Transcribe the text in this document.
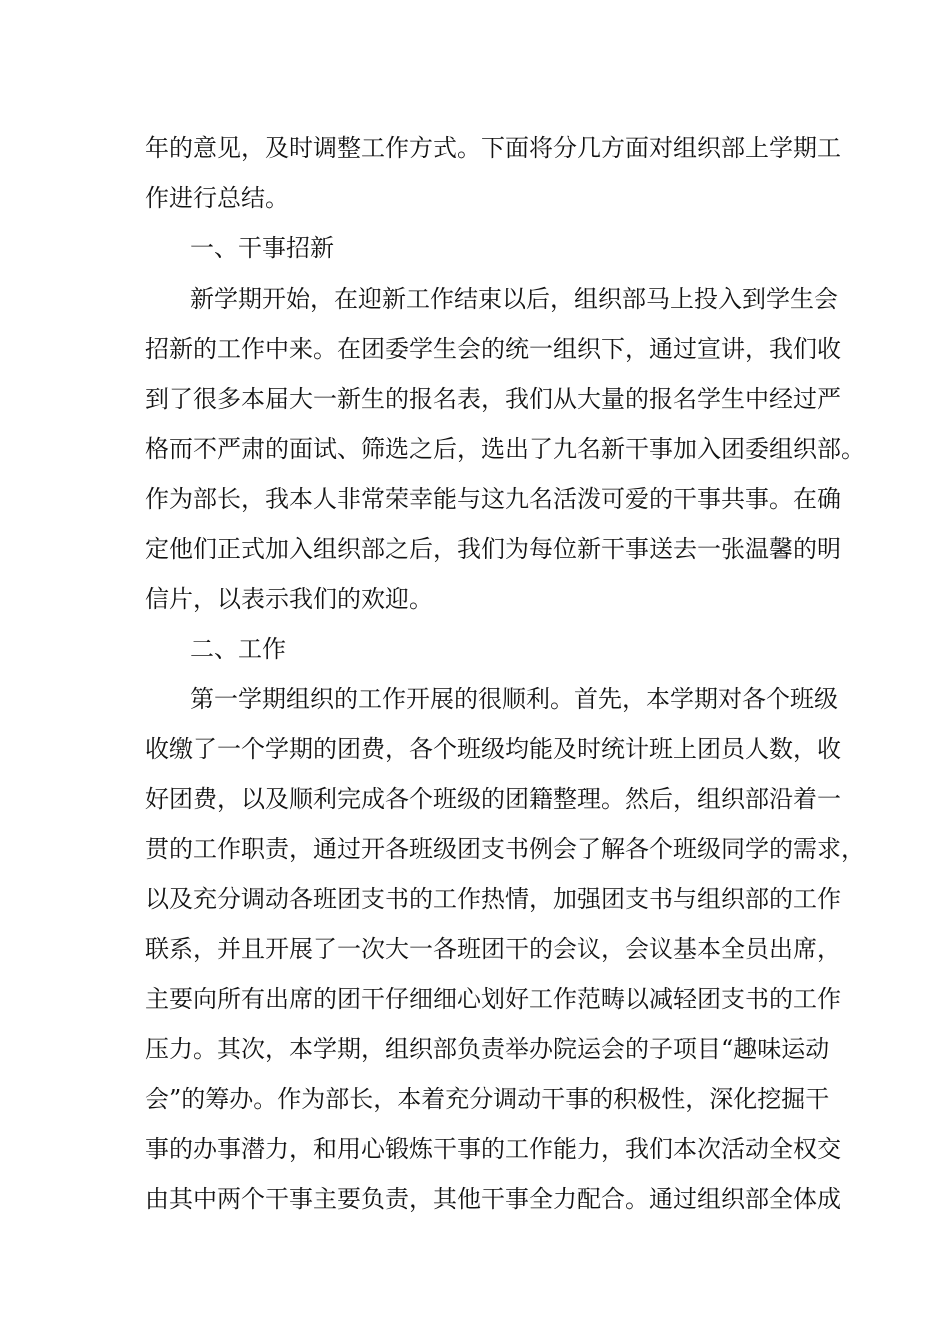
年的意见，及时调整工作方式。下面将分几方面对组织部上学期工
作进行总结。
一、干事招新
新学期开始，在迎新工作结束以后，组织部马上投入到学生会
招新的工作中来。在团委学生会的统一组织下，通过宣讲，我们收
到了很多本届大一新生的报名表，我们从大量的报名学生中经过严
格而不严肃的面试、筛选之后，选出了九名新干事加入团委组织部。
作为部长，我本人非常荣幸能与这九名活泼可爱的干事共事。在确
定他们正式加入组织部之后，我们为每位新干事送去一张温馨的明
信片，以表示我们的欢迎。
二、工作
第一学期组织的工作开展的很顺利。首先，本学期对各个班级
收缴了一个学期的团费，各个班级均能及时统计班上团员人数，收
好团费，以及顺利完成各个班级的团籍整理。然后，组织部沿着一
贯的工作职责，通过开各班级团支书例会了解各个班级同学的需求，
以及充分调动各班团支书的工作热情，加强团支书与组织部的工作
联系，并且开展了一次大一各班团干的会议，会议基本全员出席，
主要向所有出席的团干仔细细心划好工作范畴以减轻团支书的工作
压力。其次，本学期，组织部负责举办院运会的子项目“趣味运动
会”的筹办。作为部长，本着充分调动干事的积极性，深化挖掘干
事的办事潜力，和用心锻炼干事的工作能力，我们本次活动全权交
由其中两个干事主要负责，其他干事全力配合。通过组织部全体成
